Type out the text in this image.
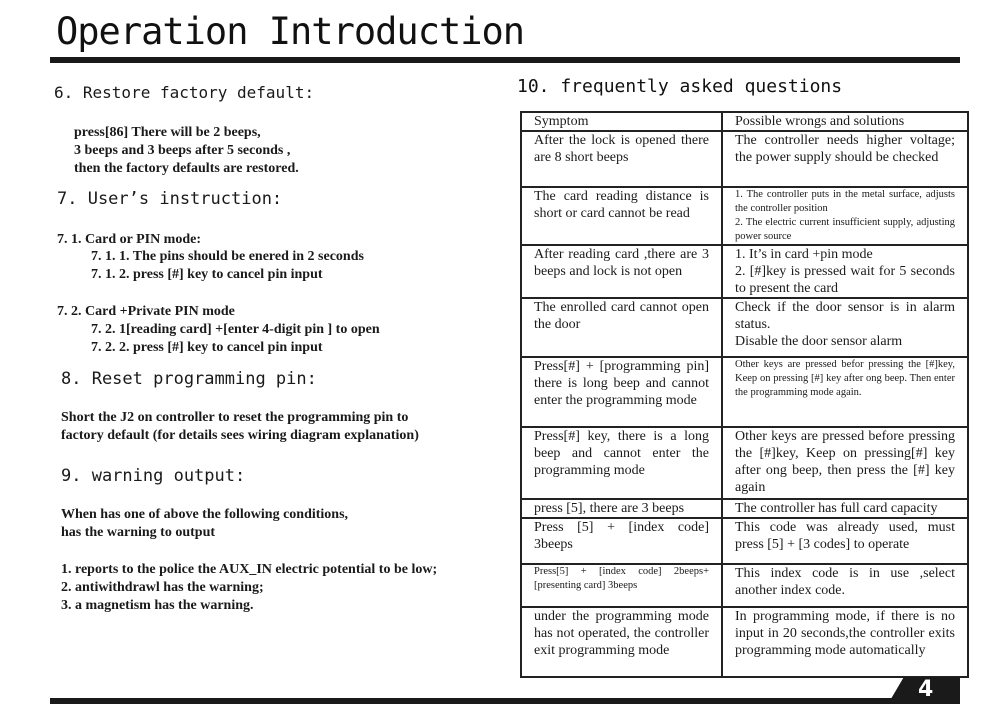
Operation Introduction
6. Restore factory default:
press[86] There will be 2 beeps,
3 beeps and 3 beeps after 5 seconds ,
then the factory defaults are restored.
7. User’s instruction:
7. 1. Card or PIN mode:
7. 1. 1. The pins should be enered in 2 seconds
7. 1. 2. press [#] key to cancel pin input
7. 2. Card +Private PIN mode
7. 2. 1[reading card] +[enter 4-digit pin ] to open
7. 2. 2. press [#] key to cancel pin input
8. Reset programming pin:
Short the J2 on controller to reset the programming pin to
factory default (for details sees wiring diagram explanation)
9. warning output:
When has one of above the following conditions,
has the warning to output
1. reports to the police the AUX_IN electric potential to be low;
2. antiwithdrawl has the warning;
3. a magnetism has the warning.
10. frequently asked questions
Symptom	Possible wrongs and solutions
After the lock is opened there are 8 short beeps	The controller needs higher voltage; the power supply should be checked
The card reading distance is short or card cannot be read	1. The controller puts in the metal surface, adjusts the controller position
2. The electric current insufficient supply, adjusting power source
After reading card ,there are 3 beeps and lock is not open	1. It’s in card +pin mode
2. [#]key is pressed wait for 5 seconds to present the card
The enrolled card cannot open the door	Check if the door sensor is in alarm status.
Disable the door sensor alarm
Press[#] + [programming pin] there is long beep and cannot enter the programming mode	Other keys are pressed befor pressing the [#]key, Keep on pressing [#] key after ong beep. Then enter the programming mode again.
Press[#] key, there is a long beep and cannot enter the programming mode	Other keys are pressed before pressing the [#]key, Keep on pressing[#] key after ong beep, then press the [#] key again
press [5], there are 3 beeps	The controller has full card capacity
Press [5] + [index code] 3beeps	This code was already used, must press [5] + [3 codes] to operate
Press[5] + [index code] 2beeps+ [presenting card] 3beeps	This index code is in use ,select another index code.
under the programming mode has not operated, the controller exit programming mode	In programming mode, if there is no input in 20 seconds,the controller exits programming mode automatically
4
